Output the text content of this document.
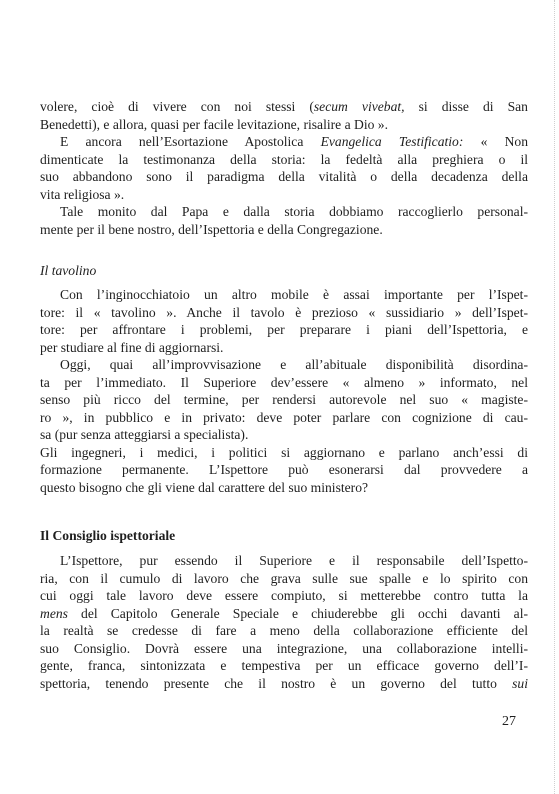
volere, cioè di vivere con noi stessi (secum vivebat, si disse di San
Benedetti), e allora, quasi per facile levitazione, risalire a Dio ».
E ancora nell’Esortazione Apostolica Evangelica Testificatio: « Non
dimenticate la testimonanza della storia: la fedeltà alla preghiera o il
suo abbandono sono il paradigma della vitalità o della decadenza della
vita religiosa ».
Tale monito dal Papa e dalla storia dobbiamo raccoglierlo personal-
mente per il bene nostro, dell’Ispettoria e della Congregazione.
Il tavolino
Con l’inginocchiatoio un altro mobile è assai importante per l’Ispet-
tore: il « tavolino ». Anche il tavolo è prezioso « sussidiario » dell’Ispet-
tore: per affrontare i problemi, per preparare i piani dell’Ispettoria, e
per studiare al fine di aggiornarsi.
Oggi, quai all’improvvisazione e all’abituale disponibilità disordina-
ta per l’immediato. Il Superiore dev’essere « almeno » informato, nel
senso più ricco del termine, per rendersi autorevole nel suo « magiste-
ro », in pubblico e in privato: deve poter parlare con cognizione di cau-
sa (pur senza atteggiarsi a specialista).
Gli ingegneri, i medici, i politici si aggiornano e parlano anch’essi di
formazione permanente. L’Ispettore può esonerarsi dal provvedere a
questo bisogno che gli viene dal carattere del suo ministero?
Il Consiglio ispettoriale
L’Ispettore, pur essendo il Superiore e il responsabile dell’Ispetto-
ria, con il cumulo di lavoro che grava sulle sue spalle e lo spirito con
cui oggi tale lavoro deve essere compiuto, si metterebbe contro tutta la
mens del Capitolo Generale Speciale e chiuderebbe gli occhi davanti al-
la realtà se credesse di fare a meno della collaborazione efficiente del
suo Consiglio. Dovrà essere una integrazione, una collaborazione intelli-
gente, franca, sintonizzata e tempestiva per un efficace governo dell’I-
spettoria, tenendo presente che il nostro è un governo del tutto sui
27
